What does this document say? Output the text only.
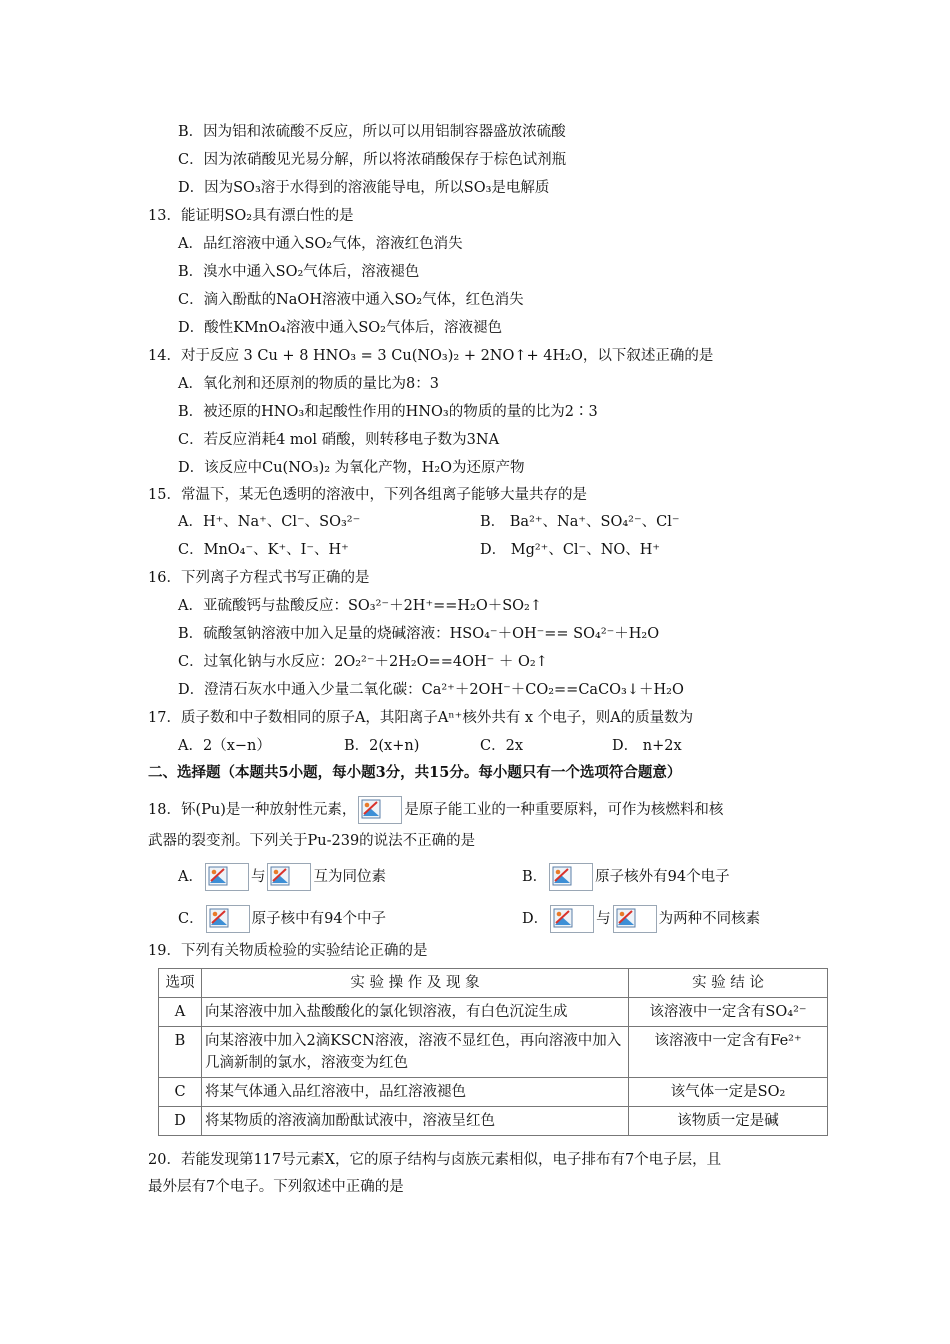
B．因为铝和浓硫酸不反应，所以可以用铝制容器盛放浓硫酸
C．因为浓硝酸见光易分解，所以将浓硝酸保存于棕色试剂瓶
D．因为SO₃溶于水得到的溶液能导电，所以SO₃是电解质
13．能证明SO₂具有漂白性的是
A．品红溶液中通入SO₂气体，溶液红色消失
B．溴水中通入SO₂气体后，溶液褪色
C．滴入酚酞的NaOH溶液中通入SO₂气体，红色消失
D．酸性KMnO₄溶液中通入SO₂气体后，溶液褪色
14．对于反应 3 Cu + 8 HNO₃ = 3 Cu(NO₃)₂ + 2NO↑+ 4H₂O，以下叙述正确的是
A．氧化剂和还原剂的物质的量比为8：3
B．被还原的HNO₃和起酸性作用的HNO₃的物质的量的比为2∶3
C．若反应消耗4 mol 硝酸，则转移电子数为3NA
D．该反应中Cu(NO₃)₂ 为氧化产物，H₂O为还原产物
15．常温下，某无色透明的溶液中，下列各组离子能够大量共存的是
A．H⁺、Na⁺、Cl⁻、SO₃²⁻	B． Ba²⁺、Na⁺、SO₄²⁻、Cl⁻
C．MnO₄⁻、K⁺、I⁻、H⁺	D． Mg²⁺、Cl⁻、NO、H⁺
16．下列离子方程式书写正确的是
A．亚硫酸钙与盐酸反应：SO₃²⁻＋2H⁺==H₂O＋SO₂↑
B．硫酸氢钠溶液中加入足量的烧碱溶液：HSO₄⁻＋OH⁻== SO₄²⁻＋H₂O
C．过氧化钠与水反应：2O₂²⁻＋2H₂O==4OH⁻ ＋ O₂↑
D．澄清石灰水中通入少量二氧化碳：Ca²⁺＋2OH⁻＋CO₂==CaCO₃↓＋H₂O
17．质子数和中子数相同的原子A，其阳离子Aⁿ⁺核外共有 x 个电子，则A的质量数为
A．2（x−n）	B．2(x+n)	C．2x	D． n+2x
二、选择题（本题共5小题，每小题3分，共15分。每小题只有一个选项符合题意）
18．钚(Pu)是一种放射性元素，	是原子能工业的一种重要原料，可作为核燃料和核
武器的裂变剂。下列关于Pu-239的说法不正确的是
A．	与	互为同位素	B．	原子核外有94个电子
C．	原子核中有94个中子	D．	与	为两种不同核素
19．下列有关物质检验的实验结论正确的是
选项	实 验 操 作 及 现 象	实 验 结 论
A	向某溶液中加入盐酸酸化的氯化钡溶液，有白色沉淀生成	该溶液中一定含有SO₄²⁻
B	向某溶液中加入2滴KSCN溶液，溶液不显红色，再向溶液中加入几滴新制的氯水，溶液变为红色	该溶液中一定含有Fe²⁺
C	将某气体通入品红溶液中，品红溶液褪色	该气体一定是SO₂
D	将某物质的溶液滴加酚酞试液中，溶液呈红色	该物质一定是碱
20．若能发现第117号元素X，它的原子结构与卤族元素相似，电子排布有7个电子层，且
最外层有7个电子。下列叙述中正确的是
